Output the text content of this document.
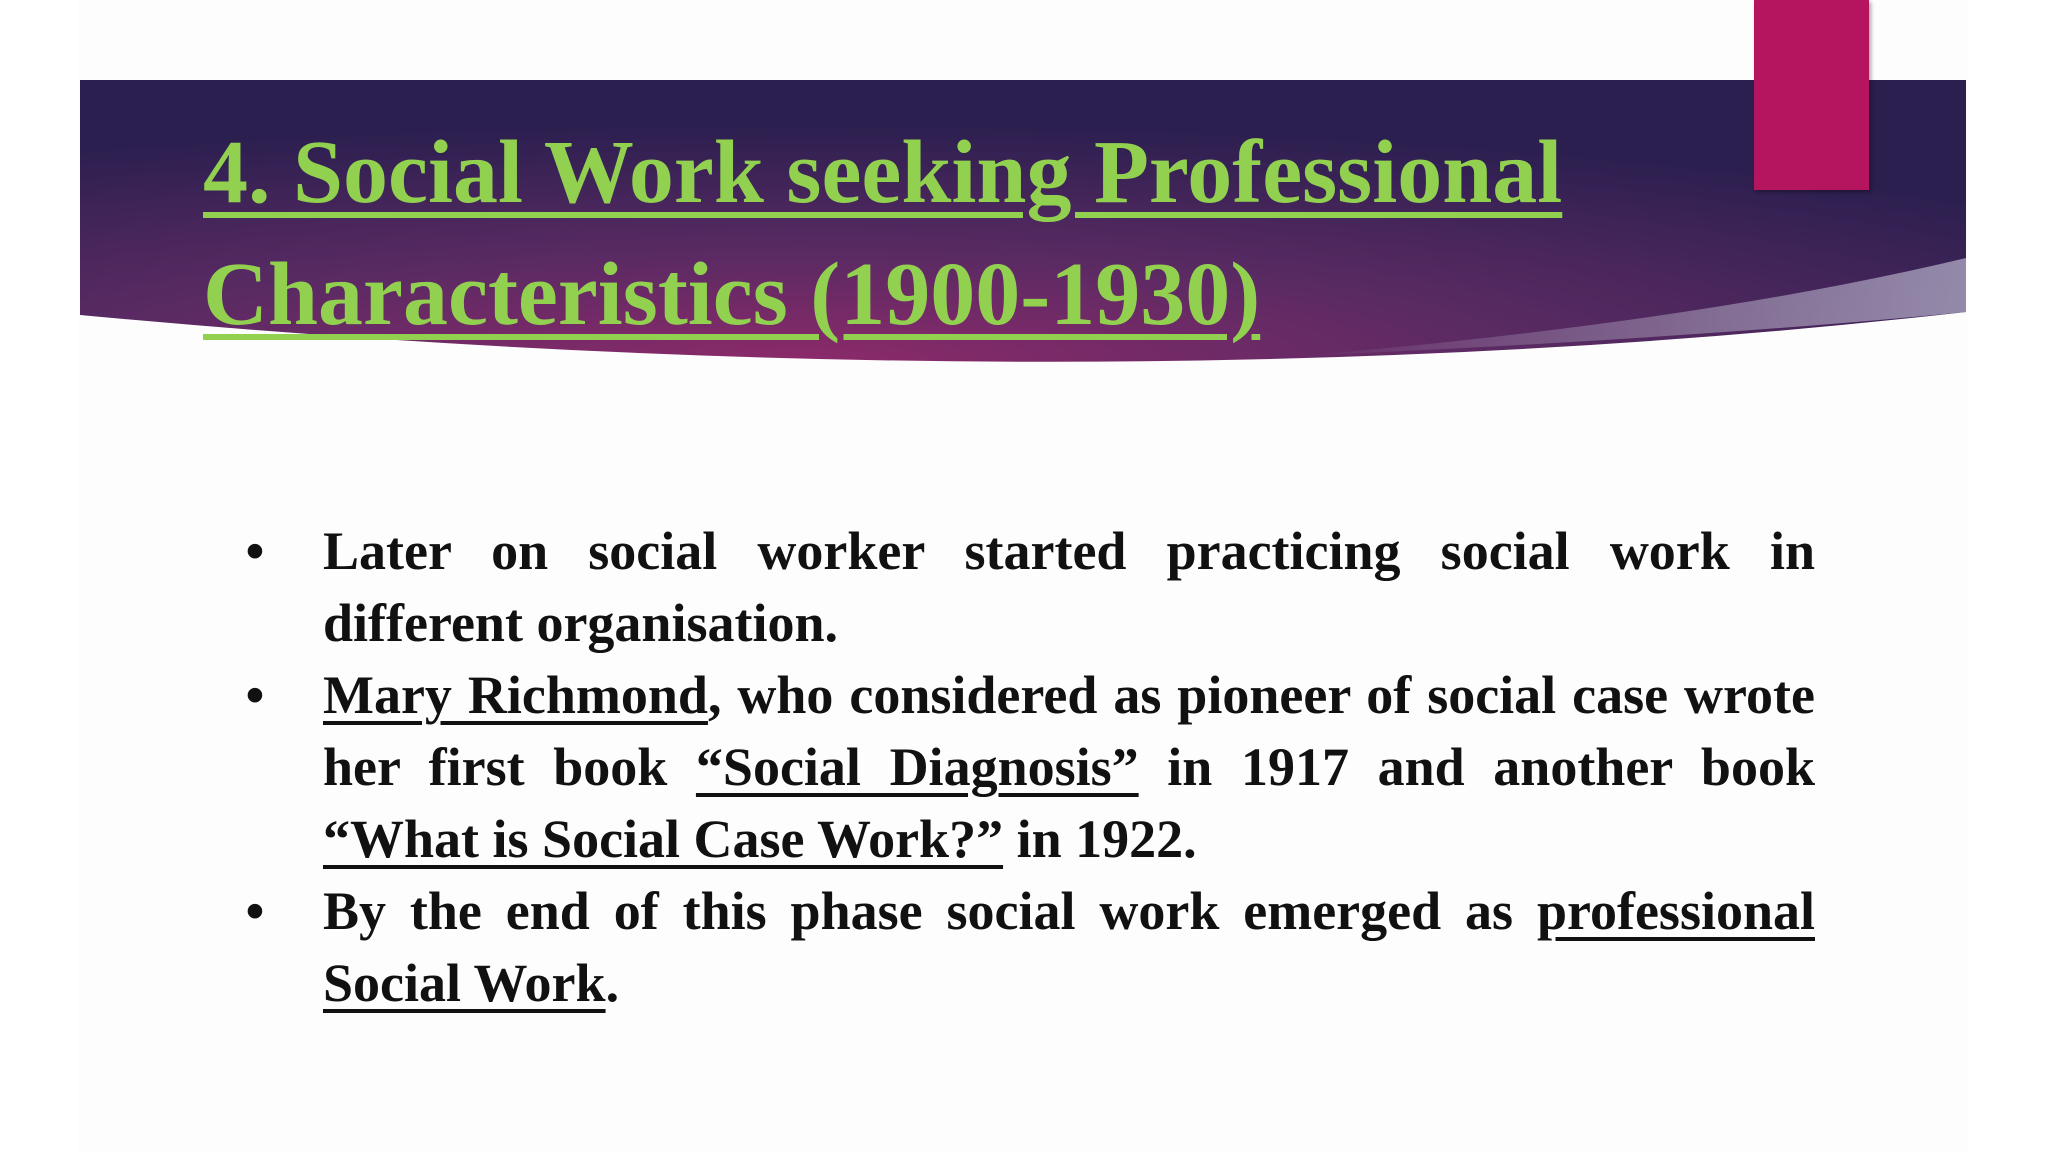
4. Social Work seeking Professional
Characteristics (1900-1930)
• Later on social worker started practicing social work in different organisation.
• Mary Richmond, who considered as pioneer of social case wrote her first book “Social Diagnosis” in 1917 and another book “What is Social Case Work?” in 1922.
• By the end of this phase social work emerged as professional Social Work.
